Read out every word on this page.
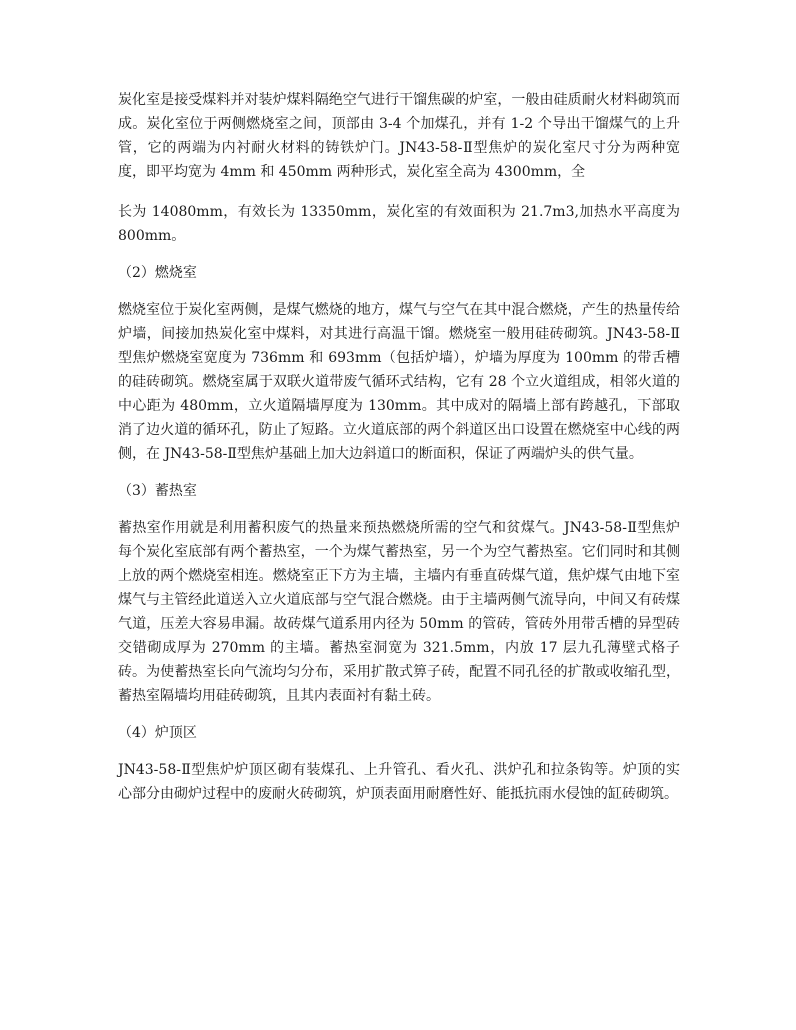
炭化室是接受煤料并对装炉煤料隔绝空气进行干馏焦碳的炉室，一般由硅质耐火材料砌筑而成。炭化室位于两侧燃烧室之间，顶部由 3-4 个加煤孔，并有 1-2 个导出干馏煤气的上升管，它的两端为内衬耐火材料的铸铁炉门。JN43-58-Ⅱ型焦炉的炭化室尺寸分为两种宽度，即平均宽为 4mm 和 450mm 两种形式，炭化室全高为 4300mm，全

长为 14080mm，有效长为 13350mm，炭化室的有效面积为 21.7m3,加热水平高度为 800mm。

（2）燃烧室

燃烧室位于炭化室两侧，是煤气燃烧的地方，煤气与空气在其中混合燃烧，产生的热量传给炉墙，间接加热炭化室中煤料，对其进行高温干馏。燃烧室一般用硅砖砌筑。JN43-58-Ⅱ型焦炉燃烧室宽度为 736mm 和 693mm（包括炉墙），炉墙为厚度为 100mm 的带舌槽的硅砖砌筑。燃烧室属于双联火道带废气循环式结构，它有 28 个立火道组成，相邻火道的中心距为 480mm，立火道隔墙厚度为 130mm。其中成对的隔墙上部有跨越孔，下部取消了边火道的循环孔，防止了短路。立火道底部的两个斜道区出口设置在燃烧室中心线的两侧，在 JN43-58-Ⅱ型焦炉基础上加大边斜道口的断面积，保证了两端炉头的供气量。

（3）蓄热室

蓄热室作用就是利用蓄积废气的热量来预热燃烧所需的空气和贫煤气。JN43-58-Ⅱ型焦炉每个炭化室底部有两个蓄热室，一个为煤气蓄热室，另一个为空气蓄热室。它们同时和其侧上放的两个燃烧室相连。燃烧室正下方为主墙，主墙内有垂直砖煤气道，焦炉煤气由地下室煤气与主管经此道送入立火道底部与空气混合燃烧。由于主墙两侧气流导向，中间又有砖煤气道，压差大容易串漏。故砖煤气道系用内径为 50mm 的管砖，管砖外用带舌槽的异型砖交错砌成厚为 270mm 的主墙。蓄热室洞宽为 321.5mm，内放 17 层九孔薄壁式格子砖。为使蓄热室长向气流均匀分布，采用扩散式箅子砖，配置不同孔径的扩散或收缩孔型，蓄热室隔墙均用硅砖砌筑，且其内表面衬有黏土砖。

（4）炉顶区

JN43-58-Ⅱ型焦炉炉顶区砌有装煤孔、上升管孔、看火孔、洪炉孔和拉条钩等。炉顶的实心部分由砌炉过程中的废耐火砖砌筑，炉顶表面用耐磨性好、能抵抗雨水侵蚀的缸砖砌筑。
